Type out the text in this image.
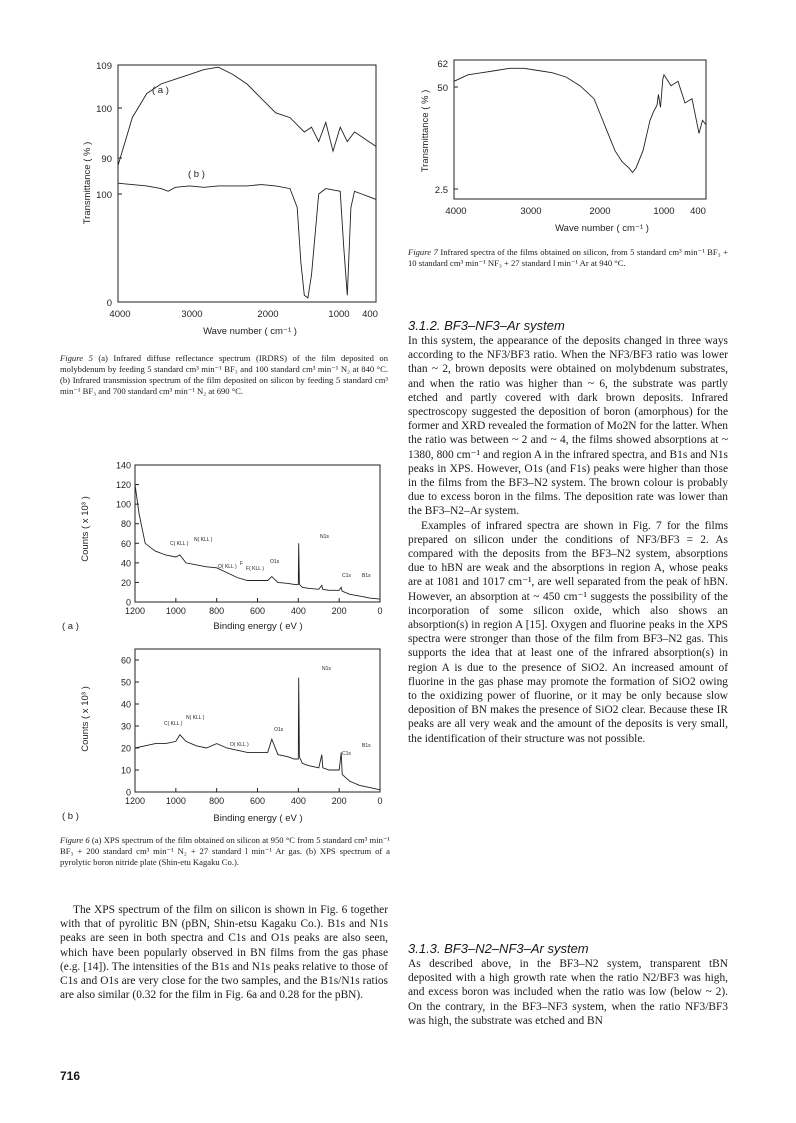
109
100
90
100
0
4000	3000	2000	1000 400
Wave number ( cm⁻¹ )
Transmittance ( % )
( a )
( b )
Figure 5 (a) Infrared diffuse reflectance spectrum (IRDRS) of the film deposited on molybdenum by feeding 5 standard cm³ min⁻¹ BF₃ and 100 standard cm³ min⁻¹ N₂ at 840 °C. (b) Infrared transmission spectrum of the film deposited on silicon by feeding 5 standard cm³ min⁻¹ BF₃ and 700 standard cm³ min⁻¹ N₂ at 690 °C.
140
120
100
80
60
40
20
0
1200 1000	800	600	400	200	0
Binding energy ( eV )
( a )
Counts ( x 10³ )	C( KLL )
N( KLL )
O( KLL ) F
F( KLL )
O1s
N1s
C1s B1s
60
50
40
30
20
10
0
1200 1000	800	600	400	200	0
Binding energy ( eV )
( b )
Counts ( x 10³ )	C( KLL )
N( KLL )
O( KLL )
O1s
N1s
C1s
B1s
Figure 6 (a) XPS spectrum of the film obtained on silicon at 950 °C from 5 standard cm³ min⁻¹ BF₃ + 200 standard cm³ min⁻¹ N₂ + 27 standard l min⁻¹ Ar gas. (b) XPS spectrum of a pyrolytic boron nitride plate (Shin-etu Kagaku Co.).

The XPS spectrum of the film on silicon is shown in Fig. 6 together with that of pyrolitic BN (pBN, Shin-etsu Kagaku Co.). B1s and N1s peaks are seen in both spectra and C1s and O1s peaks are also seen, which have been popularly observed in BN films from the gas phase (e.g. [14]). The intensities of the B1s and N1s peaks relative to those of C1s and O1s are very close for the two samples, and the B1s/N1s ratios are also similar (0.32 for the film in Fig. 6a and 0.28 for the pBN).

716
62
50
2.5
4000	3000	2000	1000 400
Wave number ( cm⁻¹ )
Transmittance ( % )
Figure 7 Infrared spectra of the films obtained on silicon, from 5 standard cm³ min⁻¹ BF₃ + 10 standard cm³ min⁻¹ NF₃ + 27 standard l min⁻¹ Ar at 940 °C.
3.1.2. BF3–NF3–Ar system

In this system, the appearance of the deposits changed in three ways according to the NF3/BF3 ratio. When the NF3/BF3 ratio was lower than ~ 2, brown deposits were obtained on molybdenum substrates, and when the ratio was higher than ~ 6, the substrate was partly etched and partly covered with dark brown deposits. Infrared spectroscopy suggested the deposition of boron (amorphous) for the former and XRD revealed the formation of Mo2N for the latter. When the ratio was between ~ 2 and ~ 4, the films showed absorptions at ~ 1380, 800 cm⁻¹ and region A in the infrared spectra, and B1s and N1s peaks in XPS. However, O1s (and F1s) peaks were higher than those in the films from the BF3–N2 system. The brown colour is probably due to excess boron in the films. The deposition rate was lower than the BF3–N2–Ar system.

Examples of infrared spectra are shown in Fig. 7 for the films prepared on silicon under the conditions of NF3/BF3 = 2. As compared with the deposits from the BF3–N2 system, absorptions due to hBN are weak and the absorptions in region A, whose peaks are at 1081 and 1017 cm⁻¹, are well separated from the peak of hBN. However, an absorption at ~ 450 cm⁻¹ suggests the possibility of the incorporation of some silicon oxide, which also shows an absorption(s) in region A [15]. Oxygen and fluorine peaks in the XPS spectra were stronger than those of the film from BF3–N2 gas. This supports the idea that at least one of the infrared absorption(s) in region A is due to the presence of SiO2. An increased amount of fluorine in the gas phase may promote the formation of SiO2 owing to the oxidizing power of fluorine, or it may be only because slow deposition of BN makes the presence of SiO2 clear. Because these IR peaks are all very weak and the amount of the deposits is very small, the identification of their structure was not possible.

3.1.3. BF3–N2–NF3–Ar system

As described above, in the BF3–N2 system, transparent tBN deposited with a high growth rate when the ratio N2/BF3 was high, and excess boron was included when the ratio was low (below ~ 2). On the contrary, in the BF3–NF3 system, when the ratio NF3/BF3 was high, the substrate was etched and BN
